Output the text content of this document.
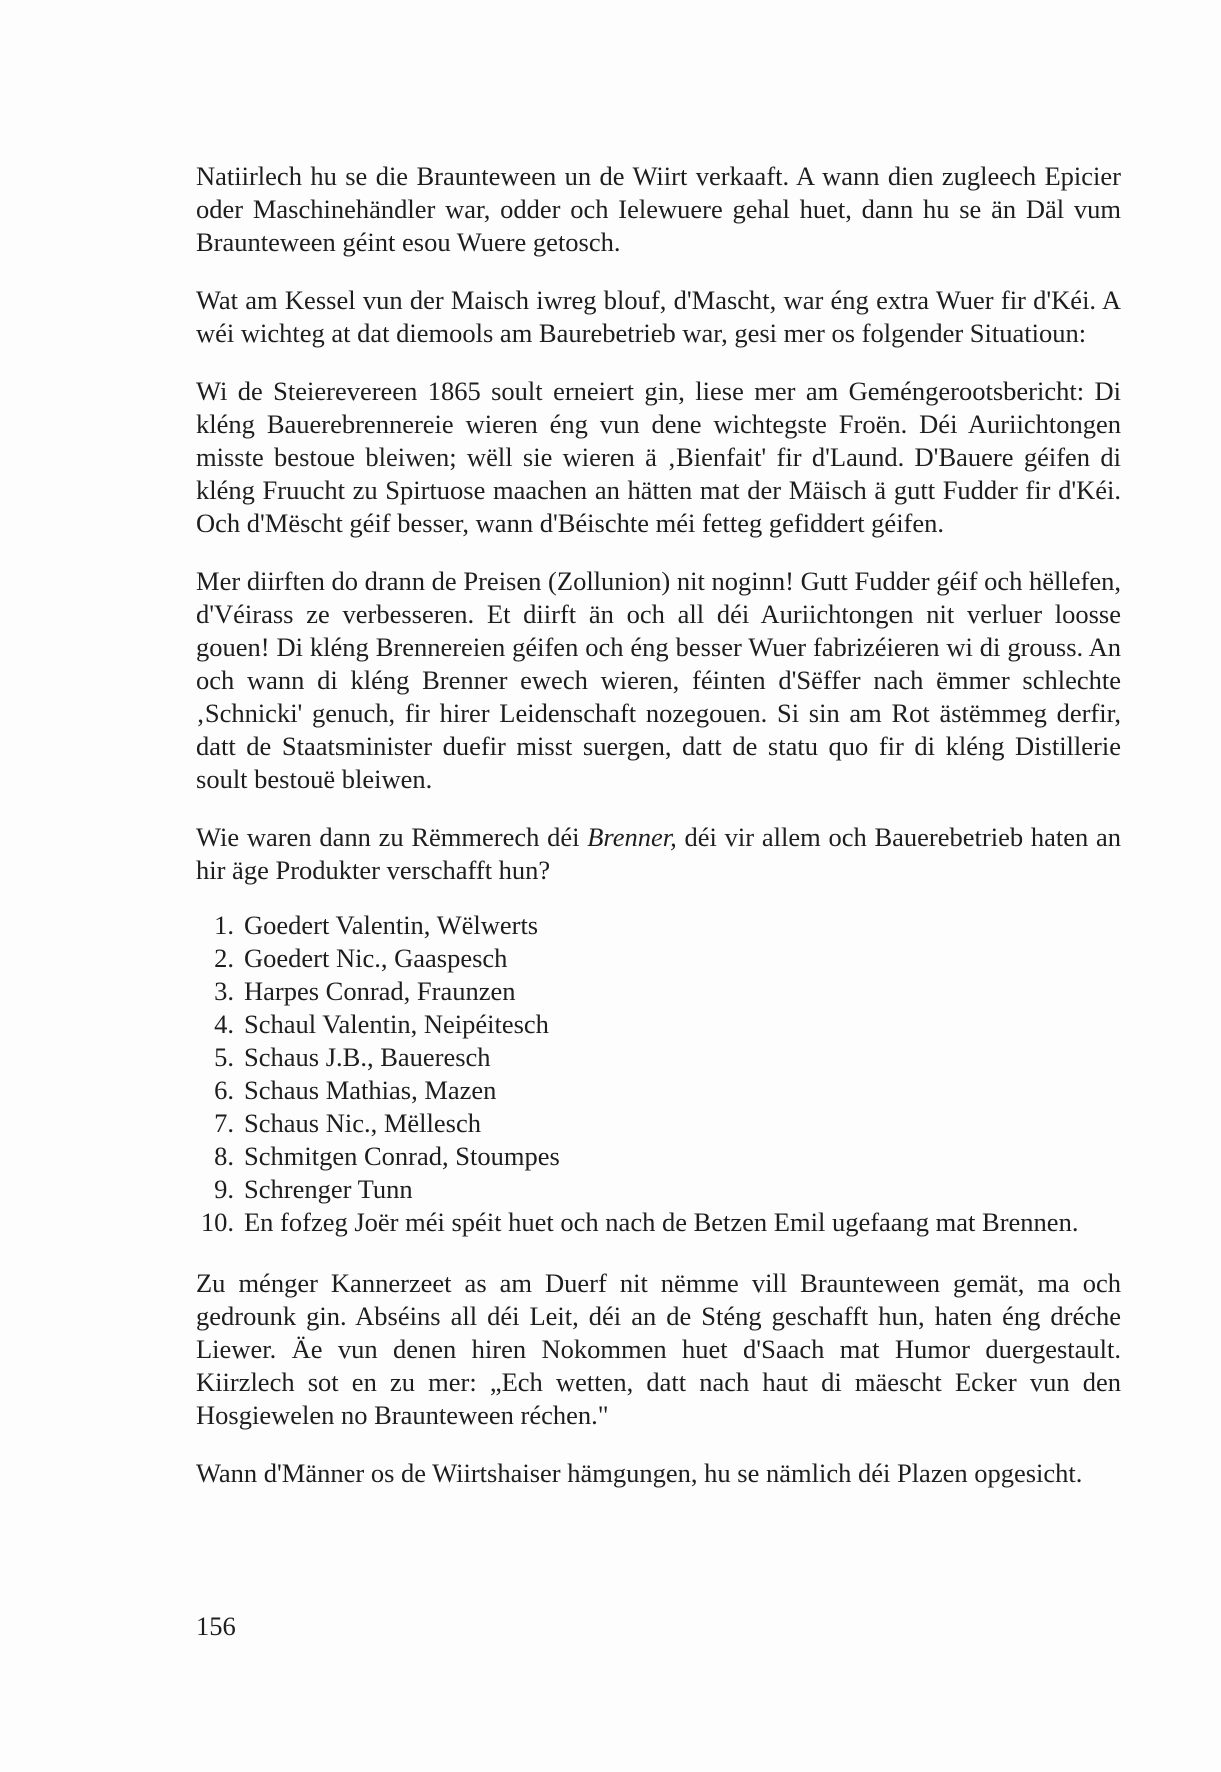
Natiirlech hu se die Braunteween un de Wiirt verkaaft. A wann dien zugleech Epicier oder Maschinehändler war, odder och Ielewuere gehal huet, dann hu se än Däl vum Braunteween géint esou Wuere getosch.

Wat am Kessel vun der Maisch iwreg blouf, d'Mascht, war éng extra Wuer fir d'Kéi. A wéi wichteg at dat diemools am Baurebetrieb war, gesi mer os folgender Situatioun:

Wi de Steierevereen 1865 soult erneiert gin, liese mer am Geméngerootsbericht: Di kléng Bauerebrennereie wieren éng vun dene wichtegste Froën. Déi Auriichtongen misste bestoue bleiwen; wëll sie wieren ä ‚Bienfait' fir d'Laund. D'Bauere géifen di kléng Fruucht zu Spirtuose maachen an hätten mat der Mäisch ä gutt Fudder fir d'Kéi. Och d'Mëscht géif besser, wann d'Béischte méi fetteg gefiddert géifen.

Mer diirften do drann de Preisen (Zollunion) nit noginn! Gutt Fudder géif och hëllefen, d'Véirass ze verbesseren. Et diirft än och all déi Auriichtongen nit verluer loosse gouen! Di kléng Brennereien géifen och éng besser Wuer fabrizéieren wi di grouss. An och wann di kléng Brenner ewech wieren, féinten d'Sëffer nach ëmmer schlechte ‚Schnicki' genuch, fir hirer Leidenschaft nozegouen. Si sin am Rot ästëmmeg derfir, datt de Staatsminister duefir misst suergen, datt de statu quo fir di kléng Distillerie soult bestouë bleiwen.

Wie waren dann zu Rëmmerech déi Brenner, déi vir allem och Bauerebetrieb haten an hir äge Produkter verschafft hun?

1. Goedert Valentin, Wëlwerts
2. Goedert Nic., Gaaspesch
3. Harpes Conrad, Fraunzen
4. Schaul Valentin, Neipéitesch
5. Schaus J.B., Baueresch
6. Schaus Mathias, Mazen
7. Schaus Nic., Mëllesch
8. Schmitgen Conrad, Stoumpes
9. Schrenger Tunn
10. En fofzeg Joër méi spéit huet och nach de Betzen Emil ugefaang mat Brennen.

Zu ménger Kannerzeet as am Duerf nit nëmme vill Braunteween gemät, ma och gedrounk gin. Abséins all déi Leit, déi an de Sténg geschafft hun, haten éng dréche Liewer. Äe vun denen hiren Nokommen huet d'Saach mat Humor duergestault. Kiirzlech sot en zu mer: „Ech wetten, datt nach haut di mäescht Ecker vun den Hosgiewelen no Braunteween réchen."

Wann d'Männer os de Wiirtshaiser hämgungen, hu se nämlich déi Plazen opgesicht.

156
